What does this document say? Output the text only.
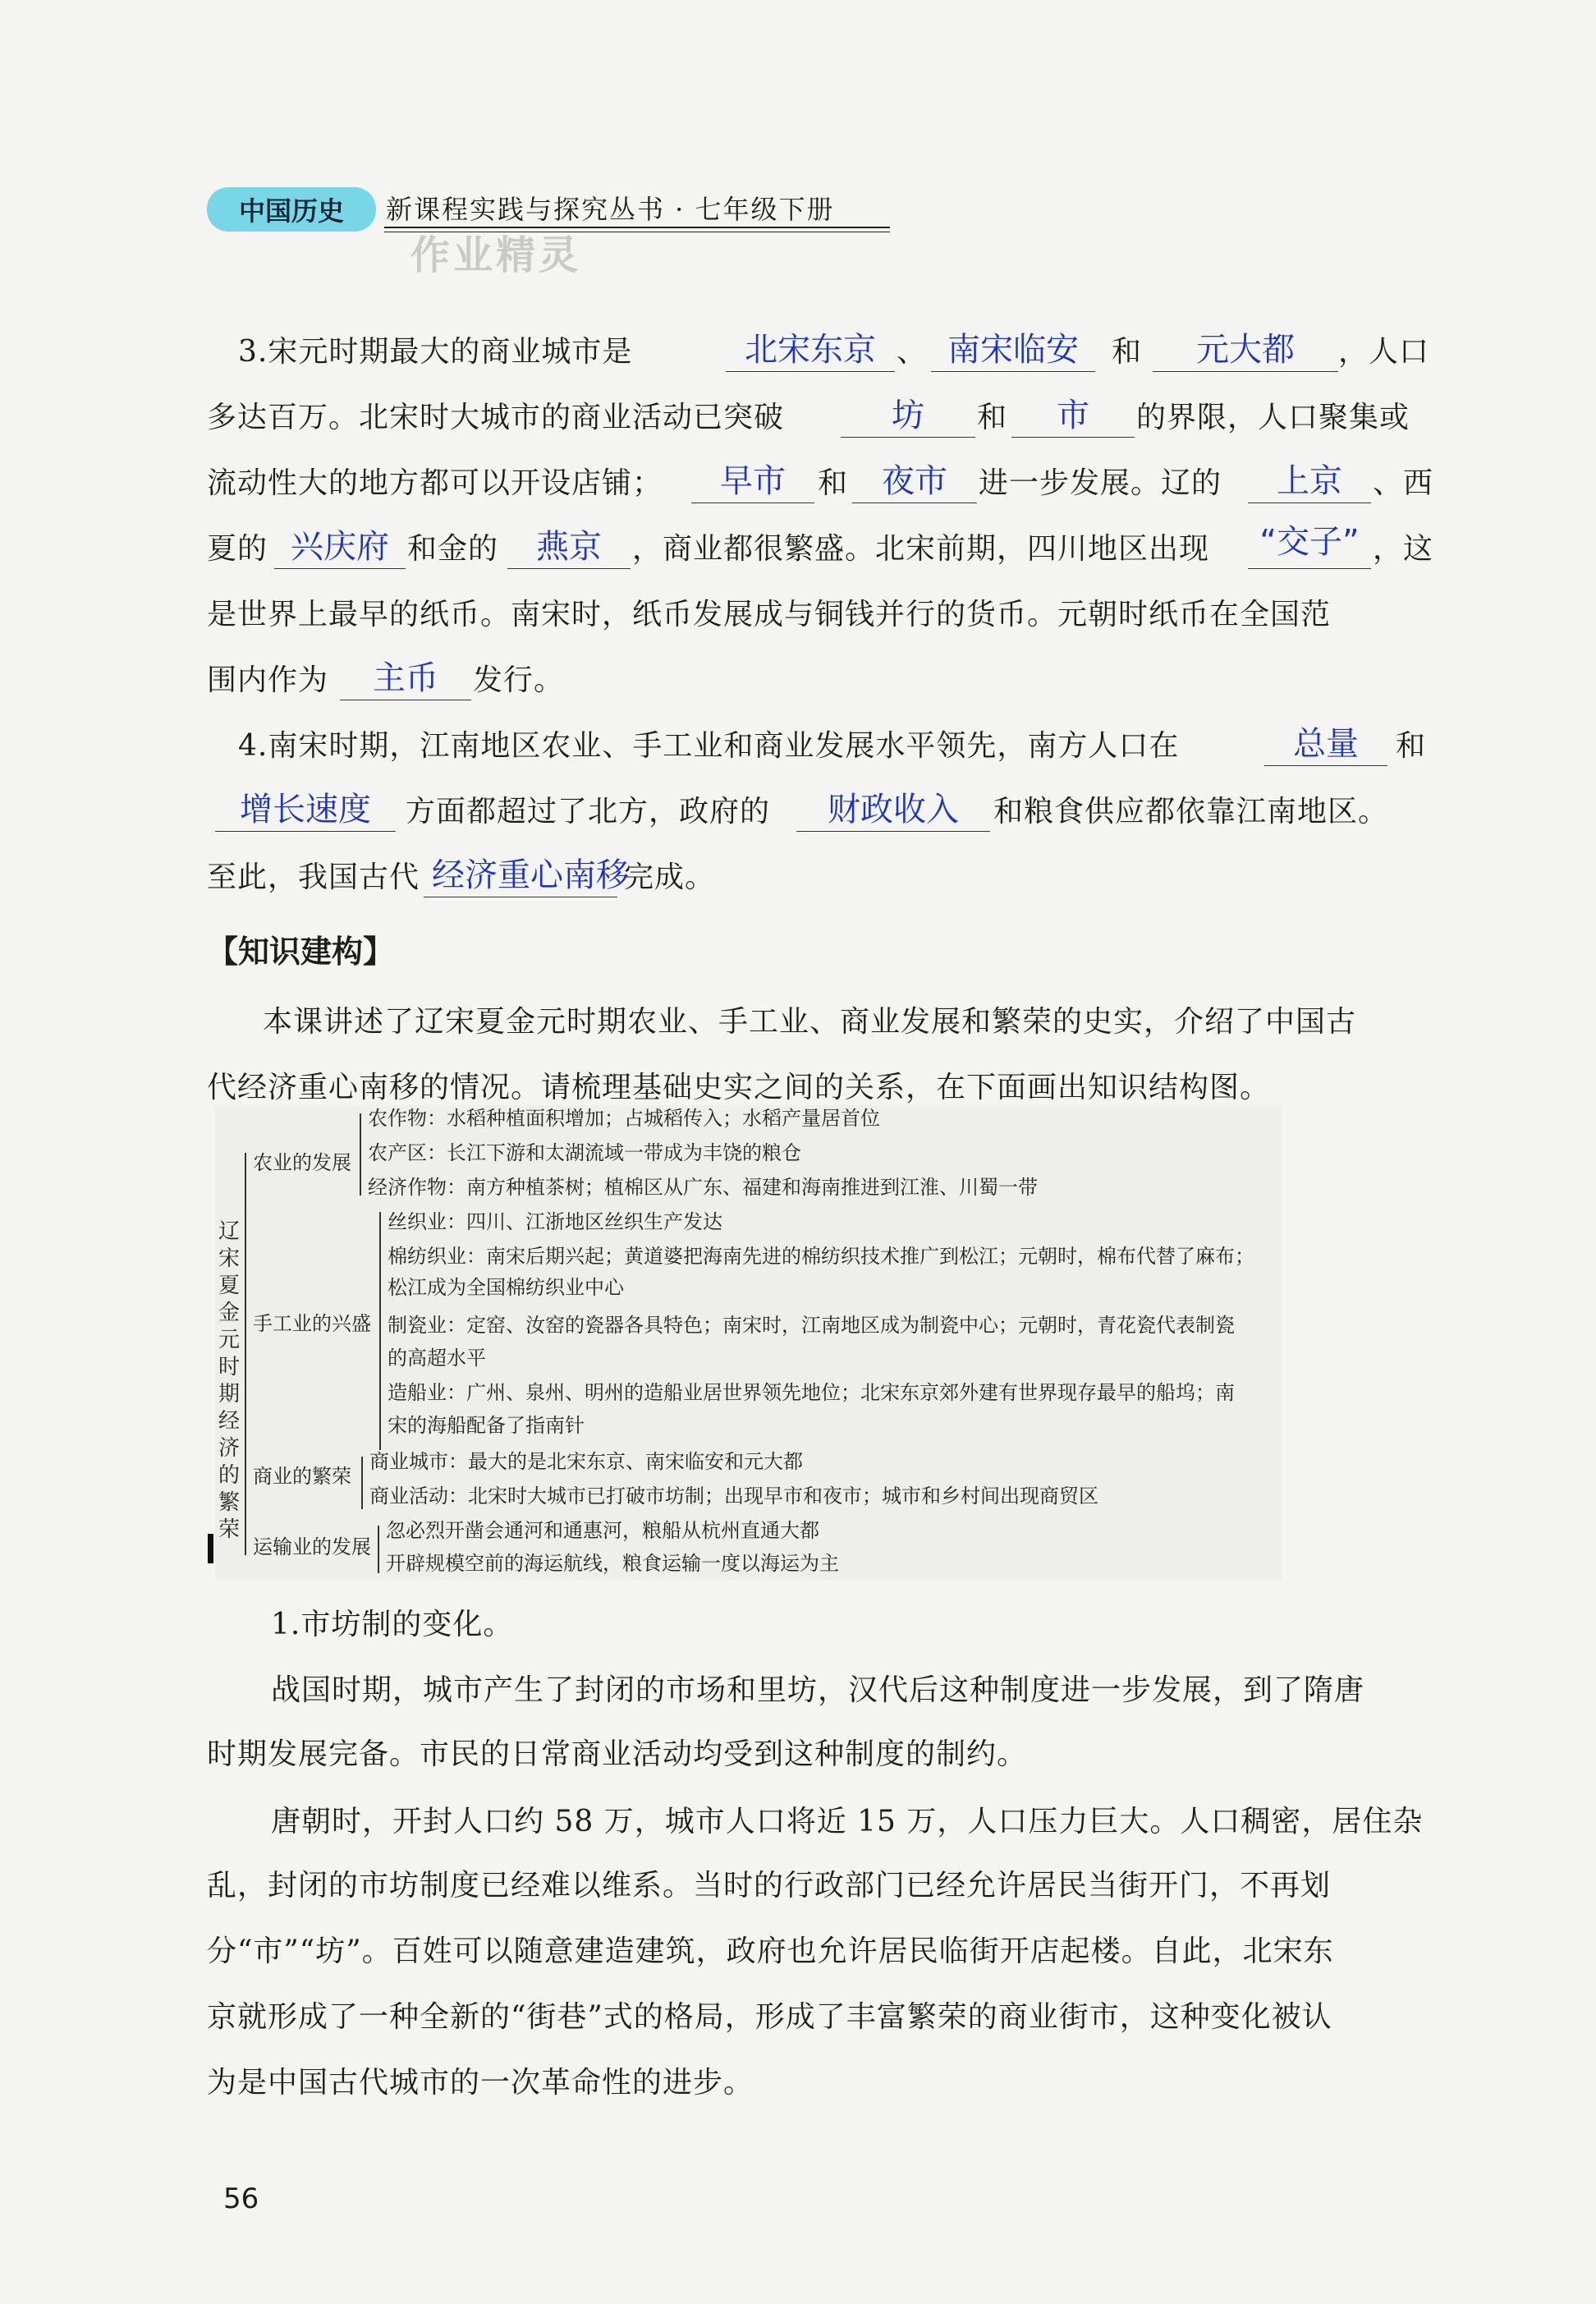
中国历史	新课程实践与探究丛书 · 七年级下册
作业精灵
3.宋元时期最大的商业城市是	北宋东京 、 南宋临安	和	元大都	，人口
多达百万。北宋时大城市的商业活动已突破	坊	和	市	的界限，人口聚集或
流动性大的地方都可以开设店铺；	早市	和	夜市	进一步发展。辽的	上京	、西
夏的 兴庆府 和金的	燕京	，商业都很繁盛。北宋前期，四川地区出现	“交子” ，这
是世界上最早的纸币。南宋时，纸币发展成与铜钱并行的货币。元朝时纸币在全国范
围内作为	主币	发行。
4.南宋时期，江南地区农业、手工业和商业发展水平领先，南方人口在	总量	和
增长速度	方面都超过了北方，政府的	财政收入	和粮食供应都依靠江南地区。
至此，我国古代 经济重心南移
完成。
【知识建构】
本课讲述了辽宋夏金元时期农业、手工业、商业发展和繁荣的史实，介绍了中国古
代经济重心南移的情况。请梳理基础史实之间的关系，在下面画出知识结构图。
辽宋夏金元时期经济的繁荣
农业的发展
农作物：水稻种植面积增加；占城稻传入；水稻产量居首位
农产区：长江下游和太湖流域一带成为丰饶的粮仓
经济作物：南方种植茶树；植棉区从广东、福建和海南推进到江淮、川蜀一带
手工业的兴盛
丝织业：四川、江浙地区丝织生产发达
棉纺织业：南宋后期兴起；黄道婆把海南先进的棉纺织技术推广到松江；元朝时，棉布代替了麻布；
松江成为全国棉纺织业中心
制瓷业：定窑、汝窑的瓷器各具特色；南宋时，江南地区成为制瓷中心；元朝时，青花瓷代表制瓷
的高超水平
造船业：广州、泉州、明州的造船业居世界领先地位；北宋东京郊外建有世界现存最早的船坞；南
宋的海船配备了指南针
商业的繁荣
商业城市：最大的是北宋东京、南宋临安和元大都
商业活动：北宋时大城市已打破市坊制；出现早市和夜市；城市和乡村间出现商贸区
运输业的发展
忽必烈开凿会通河和通惠河，粮船从杭州直通大都
开辟规模空前的海运航线，粮食运输一度以海运为主
1.市坊制的变化。
战国时期，城市产生了封闭的市场和里坊，汉代后这种制度进一步发展，到了隋唐
时期发展完备。市民的日常商业活动均受到这种制度的制约。
唐朝时，开封人口约 58 万，城市人口将近 15 万，人口压力巨大。人口稠密，居住杂
乱，封闭的市坊制度已经难以维系。当时的行政部门已经允许居民当街开门，不再划
分“市”“坊”。百姓可以随意建造建筑，政府也允许居民临街开店起楼。自此，北宋东
京就形成了一种全新的“街巷”式的格局，形成了丰富繁荣的商业街市，这种变化被认
为是中国古代城市的一次革命性的进步。
56
